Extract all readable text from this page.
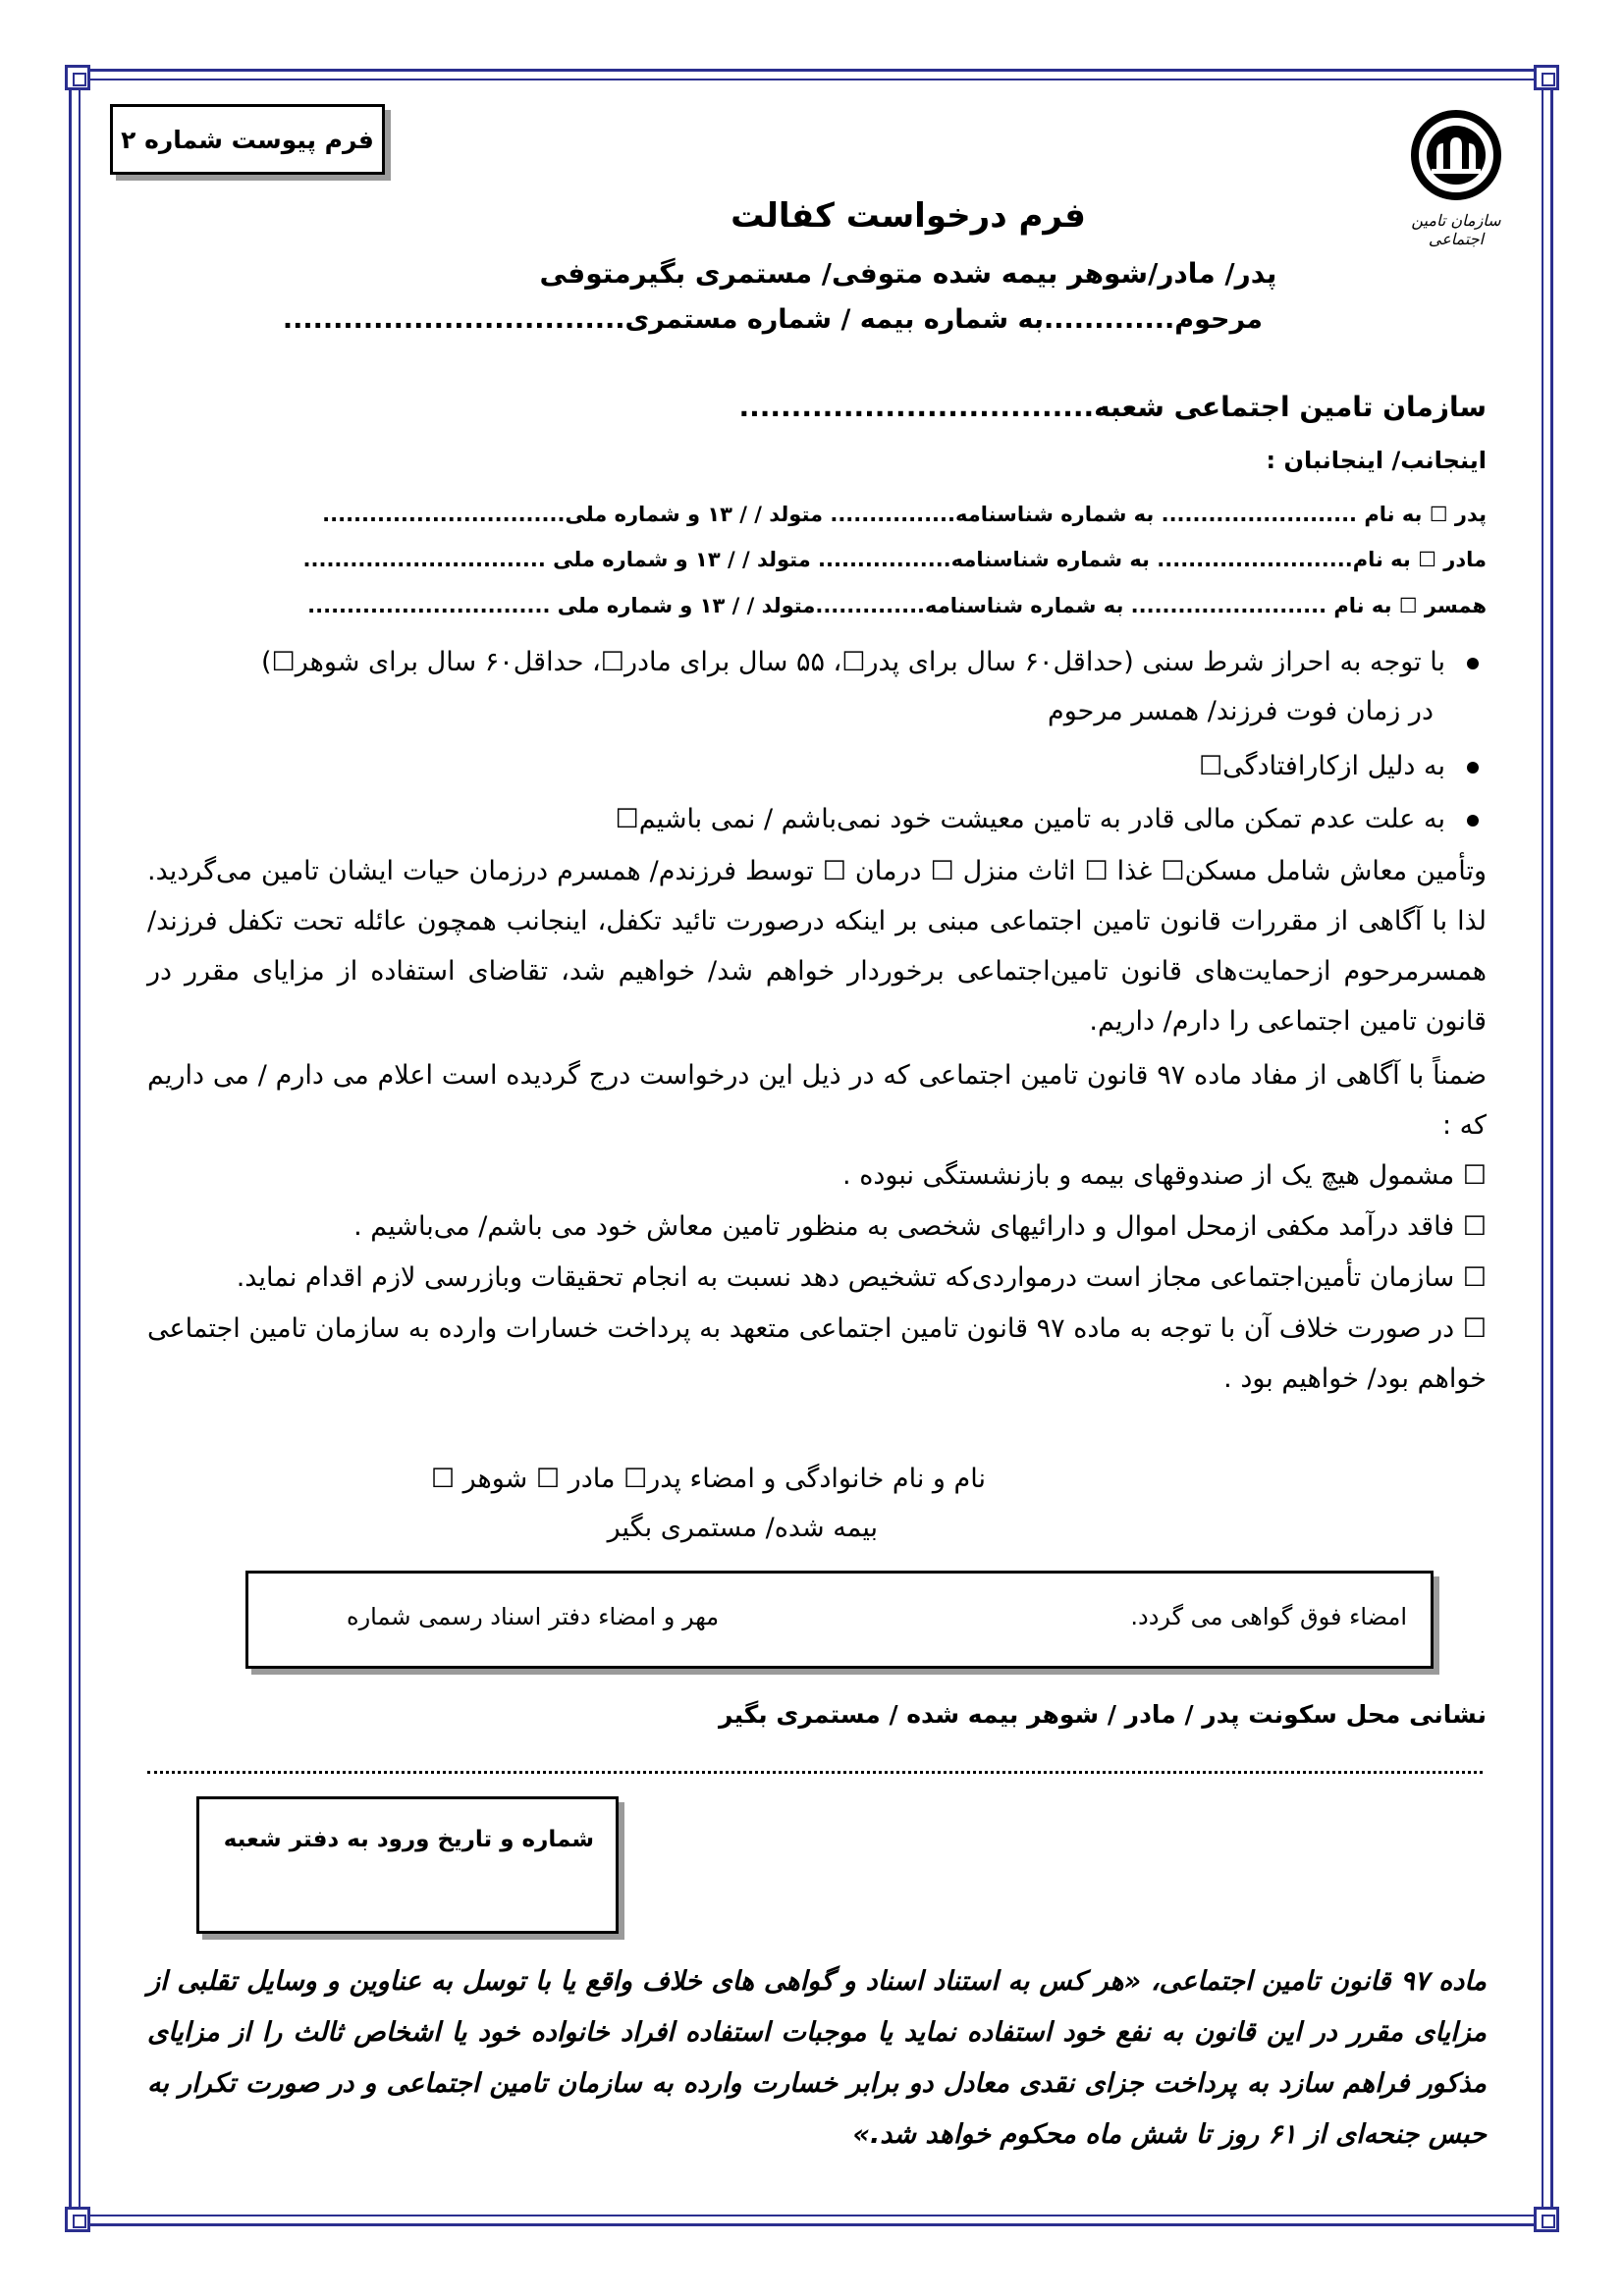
فرم پیوست شماره ۲
سازمان تامین اجتماعی
فرم درخواست کفالت
پدر/ مادر/شوهر بیمه شده متوفی/ مستمری بگیرمتوفی
مرحوم.............به شماره بیمه / شماره مستمری..................................
سازمان تامین اجتماعی شعبه..................................
اینجانب/ اینجانبان :
پدر ☐ به نام ......................... به شماره شناسنامه................ متولد / / ۱۳ و شماره ملی...............................
مادر ☐ به نام......................... به شماره شناسنامه................. متولد / / ۱۳ و شماره ملی ...............................
همسر ☐ به نام ......................... به شماره شناسنامه..............متولد / / ۱۳ و شماره ملی ...............................
با توجه به احراز شرط سنی (حداقل۶۰ سال برای پدر☐، ۵۵ سال برای مادر☐، حداقل۶۰ سال برای شوهر☐)
در زمان فوت فرزند/ همسر مرحوم
به دلیل ازکارافتادگی☐
به علت عدم تمکن مالی قادر به تامین معیشت خود نمی‌باشم / نمی باشیم☐
وتأمین معاش شامل مسکن☐ غذا ☐ اثاث منزل ☐ درمان ☐ توسط فرزندم/ همسرم درزمان حیات ایشان تامین می‌گردید. لذا با آگاهی از مقررات قانون تامین اجتماعی مبنی بر اینکه درصورت تائید تکفل، اینجانب همچون عائله تحت تکفل فرزند/ همسرمرحوم ازحمایت‌های قانون تامین‌اجتماعی برخوردار خواهم شد/ خواهیم شد، تقاضای استفاده از مزایای مقرر در قانون تامین اجتماعی را دارم/ داریم.
ضمناً با آگاهی از مفاد ماده ۹۷ قانون تامین اجتماعی که در ذیل این درخواست درج گردیده است اعلام می دارم / می داریم که :
☐ مشمول هیچ یک از صندوقهای بیمه و بازنشستگی نبوده .
☐ فاقد درآمد مکفی ازمحل اموال و دارائیهای شخصی به منظور تامین معاش خود می باشم/ می‌باشیم .
☐ سازمان تأمین‌اجتماعی مجاز است درمواردی‌که تشخیص دهد نسبت به انجام تحقیقات وبازرسی لازم اقدام نماید.
☐ در صورت خلاف آن با توجه به ماده ۹۷ قانون تامین اجتماعی متعهد به پرداخت خسارات وارده به سازمان تامین اجتماعی خواهم بود/ خواهیم بود .
نام و نام خانوادگی و امضاء پدر☐ مادر ☐ شوهر ☐
بیمه شده/ مستمری بگیر
امضاء فوق گواهی می گردد.
مهر و امضاء دفتر اسناد رسمی شماره
نشانی محل سکونت پدر / مادر / شوهر بیمه شده / مستمری بگیر
شماره و تاریخ ورود به دفتر شعبه
ماده ۹۷ قانون تامین اجتماعی، «هر کس به استناد اسناد و گواهی های خلاف واقع یا با توسل به عناوین و وسایل تقلبی از مزایای مقرر در این قانون به نفع خود استفاده نماید یا موجبات استفاده افراد خانواده خود یا اشخاص ثالث را از مزایای مذکور فراهم سازد به پرداخت جزای نقدی معادل دو برابر خسارت وارده به سازمان تامین اجتماعی و در صورت تکرار به حبس جنحه‌ای از ۶۱ روز تا شش ماه محکوم خواهد شد.»
